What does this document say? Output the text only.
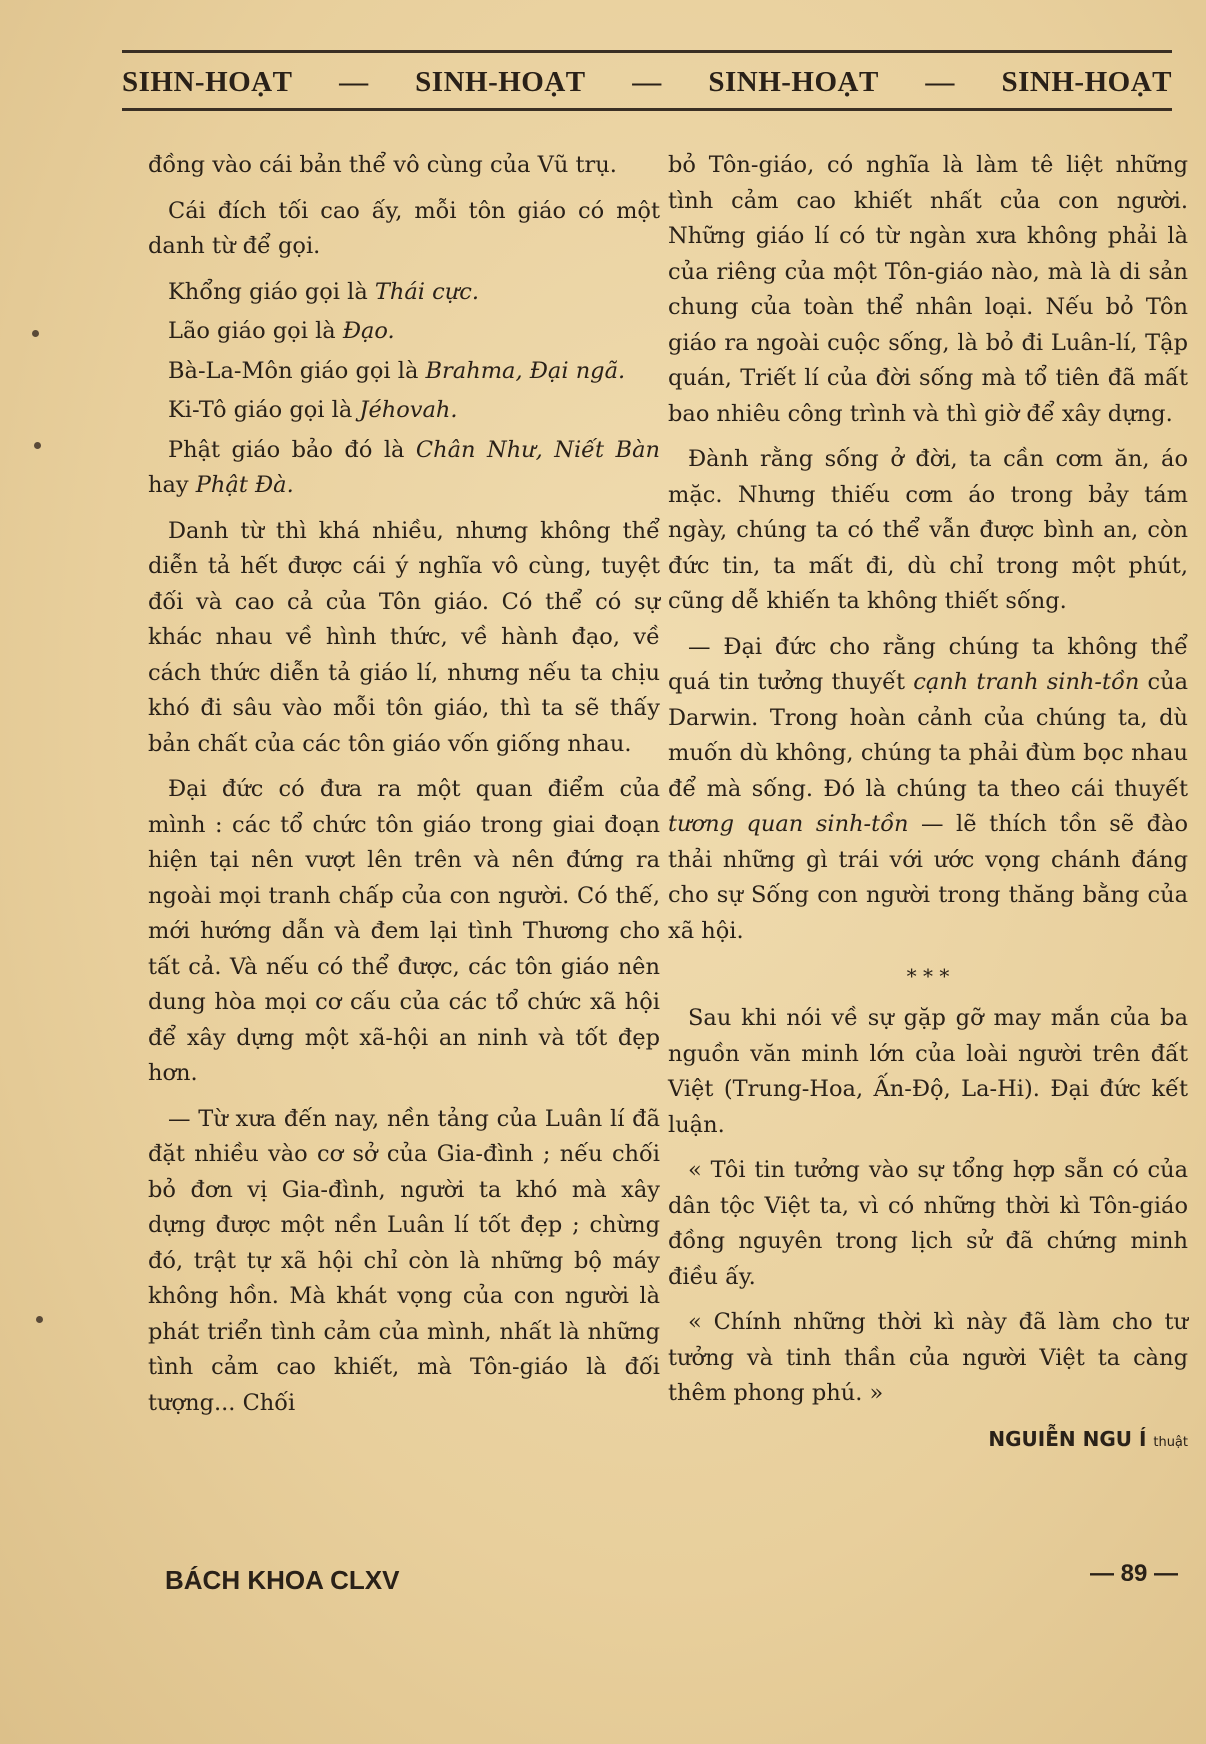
SIHN-HOẠT — SINH-HOẠT — SINH-HOẠT — SINH-HOẠT

đồng vào cái bản thể vô cùng của Vũ trụ.

Cái đích tối cao ấy, mỗi tôn giáo có một danh từ để gọi.

Khổng giáo gọi là Thái cực.

Lão giáo gọi là Đạo.

Bà-La-Môn giáo gọi là Brahma, Đại ngã.

Ki-Tô giáo gọi là Jéhovah.

Phật giáo bảo đó là Chân Như, Niết Bàn hay Phật Đà.

Danh từ thì khá nhiều, nhưng không thể diễn tả hết được cái ý nghĩa vô cùng, tuyệt đối và cao cả của Tôn giáo. Có thể có sự khác nhau về hình thức, về hành đạo, về cách thức diễn tả giáo lí, nhưng nếu ta chịu khó đi sâu vào mỗi tôn giáo, thì ta sẽ thấy bản chất của các tôn giáo vốn giống nhau.

Đại đức có đưa ra một quan điểm của mình : các tổ chức tôn giáo trong giai đoạn hiện tại nên vượt lên trên và nên đứng ra ngoài mọi tranh chấp của con người. Có thế, mới hướng dẫn và đem lại tình Thương cho tất cả. Và nếu có thể được, các tôn giáo nên dung hòa mọi cơ cấu của các tổ chức xã hội để xây dựng một xã-hội an ninh và tốt đẹp hơn.

— Từ xưa đến nay, nền tảng của Luân lí đã đặt nhiều vào cơ sở của Gia-đình ; nếu chối bỏ đơn vị Gia-đình, người ta khó mà xây dựng được một nền Luân lí tốt đẹp ; chừng đó, trật tự xã hội chỉ còn là những bộ máy không hồn. Mà khát vọng của con người là phát triển tình cảm của mình, nhất là những tình cảm cao khiết, mà Tôn-giáo là đối tượng... Chối

bỏ Tôn-giáo, có nghĩa là làm tê liệt những tình cảm cao khiết nhất của con người. Những giáo lí có từ ngàn xưa không phải là của riêng của một Tôn-giáo nào, mà là di sản chung của toàn thể nhân loại. Nếu bỏ Tôn giáo ra ngoài cuộc sống, là bỏ đi Luân-lí, Tập quán, Triết lí của đời sống mà tổ tiên đã mất bao nhiêu công trình và thì giờ để xây dựng.

Đành rằng sống ở đời, ta cần cơm ăn, áo mặc. Nhưng thiếu cơm áo trong bảy tám ngày, chúng ta có thể vẫn được bình an, còn đức tin, ta mất đi, dù chỉ trong một phút, cũng dễ khiến ta không thiết sống.

— Đại đức cho rằng chúng ta không thể quá tin tưởng thuyết cạnh tranh sinh-tồn của Darwin. Trong hoàn cảnh của chúng ta, dù muốn dù không, chúng ta phải đùm bọc nhau để mà sống. Đó là chúng ta theo cái thuyết tương quan sinh-tồn — lẽ thích tồn sẽ đào thải những gì trái với ước vọng chánh đáng cho sự Sống con người trong thăng bằng của xã hội.

* * *

Sau khi nói về sự gặp gỡ may mắn của ba nguồn văn minh lớn của loài người trên đất Việt (Trung-Hoa, Ấn-Độ, La-Hi). Đại đức kết luận.

« Tôi tin tưởng vào sự tổng hợp sẵn có của dân tộc Việt ta, vì có những thời kì Tôn-giáo đồng nguyên trong lịch sử đã chứng minh điều ấy.

« Chính những thời kì này đã làm cho tư tưởng và tinh thần của người Việt ta càng thêm phong phú. »

NGUIỄN NGU Í thuật
BÁCH KHOA CLXV	— 89 —
